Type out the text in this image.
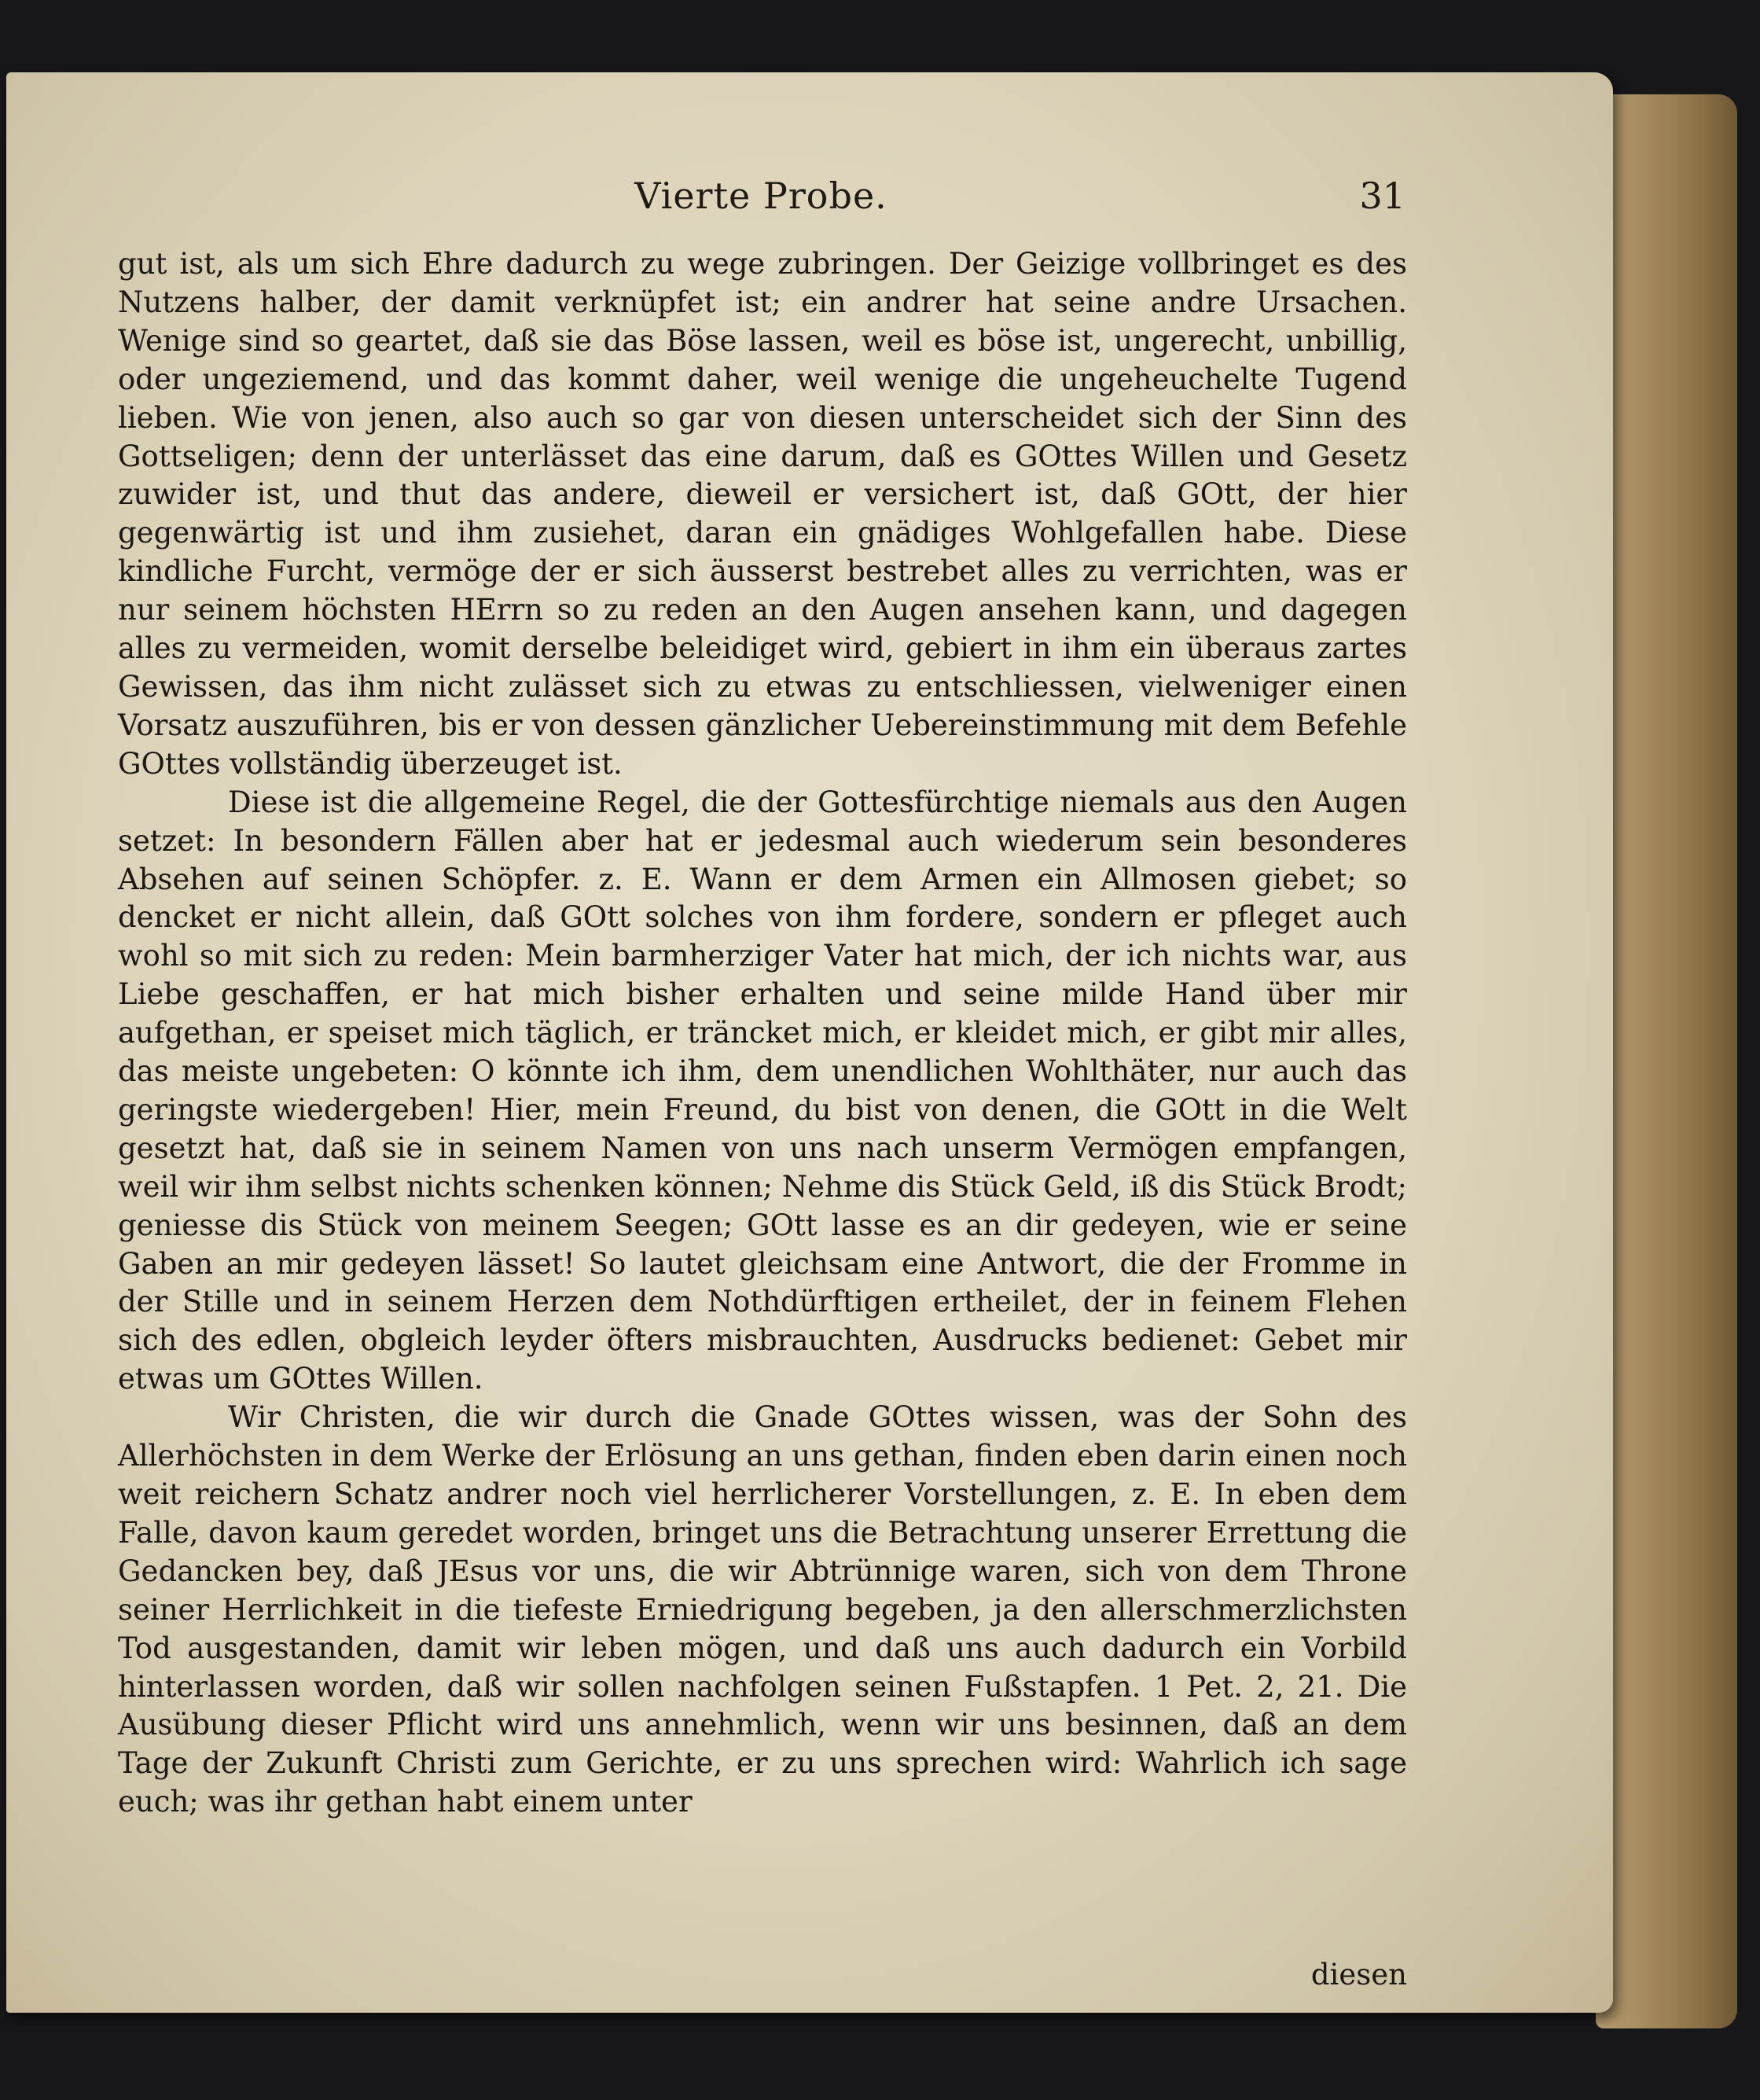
Vierte Probe.	31

gut ist, als um sich Ehre dadurch zu wege zubringen. Der Geizige vollbringet es des Nutzens halber, der damit verknüpfet ist; ein andrer hat seine andre Ursachen. Wenige sind so geartet, daß sie das Böse lassen, weil es böse ist, ungerecht, unbillig, oder ungeziemend, und das kommt daher, weil wenige die ungeheuchelte Tugend lieben. Wie von jenen, also auch so gar von diesen unterscheidet sich der Sinn des Gottseligen; denn der unterlässet das eine darum, daß es GOttes Willen und Gesetz zuwider ist, und thut das andere, dieweil er versichert ist, daß GOtt, der hier gegenwärtig ist und ihm zusiehet, daran ein gnädiges Wohlgefallen habe. Diese kindliche Furcht, vermöge der er sich äusserst bestrebet alles zu verrichten, was er nur seinem höchsten HErrn so zu reden an den Augen ansehen kann, und dagegen alles zu vermeiden, womit derselbe beleidiget wird, gebiert in ihm ein überaus zartes Gewissen, das ihm nicht zulässet sich zu etwas zu entschliessen, vielweniger einen Vorsatz auszuführen, bis er von dessen gänzlicher Uebereinstimmung mit dem Befehle GOttes vollständig überzeuget ist.

Diese ist die allgemeine Regel, die der Gottesfürchtige niemals aus den Augen setzet: In besondern Fällen aber hat er jedesmal auch wiederum sein besonderes Absehen auf seinen Schöpfer. z. E. Wann er dem Armen ein Allmosen giebet; so dencket er nicht allein, daß GOtt solches von ihm fordere, sondern er pfleget auch wohl so mit sich zu reden: Mein barmherziger Vater hat mich, der ich nichts war, aus Liebe geschaffen, er hat mich bisher erhalten und seine milde Hand über mir aufgethan, er speiset mich täglich, er träncket mich, er kleidet mich, er gibt mir alles, das meiste ungebeten: O könnte ich ihm, dem unendlichen Wohlthäter, nur auch das geringste wiedergeben! Hier, mein Freund, du bist von denen, die GOtt in die Welt gesetzt hat, daß sie in seinem Namen von uns nach unserm Vermögen empfangen, weil wir ihm selbst nichts schenken können; Nehme dis Stück Geld, iß dis Stück Brodt; geniesse dis Stück von meinem Seegen; GOtt lasse es an dir gedeyen, wie er seine Gaben an mir gedeyen lässet! So lautet gleichsam eine Antwort, die der Fromme in der Stille und in seinem Herzen dem Nothdürftigen ertheilet, der in feinem Flehen sich des edlen, obgleich leyder öfters misbrauchten, Ausdrucks bedienet: Gebet mir etwas um GOttes Willen.

Wir Christen, die wir durch die Gnade GOttes wissen, was der Sohn des Allerhöchsten in dem Werke der Erlösung an uns gethan, finden eben darin einen noch weit reichern Schatz andrer noch viel herrlicherer Vorstellungen, z. E. In eben dem Falle, davon kaum geredet worden, bringet uns die Betrachtung unserer Errettung die Gedancken bey, daß JEsus vor uns, die wir Abtrünnige waren, sich von dem Throne seiner Herrlichkeit in die tiefeste Erniedrigung begeben, ja den allerschmerzlichsten Tod ausgestanden, damit wir leben mögen, und daß uns auch dadurch ein Vorbild hinterlassen worden, daß wir sollen nachfolgen seinen Fußstapfen. 1 Pet. 2, 21. Die Ausübung dieser Pflicht wird uns annehmlich, wenn wir uns besinnen, daß an dem Tage der Zukunft Christi zum Gerichte, er zu uns sprechen wird: Wahrlich ich sage euch; was ihr gethan habt einem unter

diesen
